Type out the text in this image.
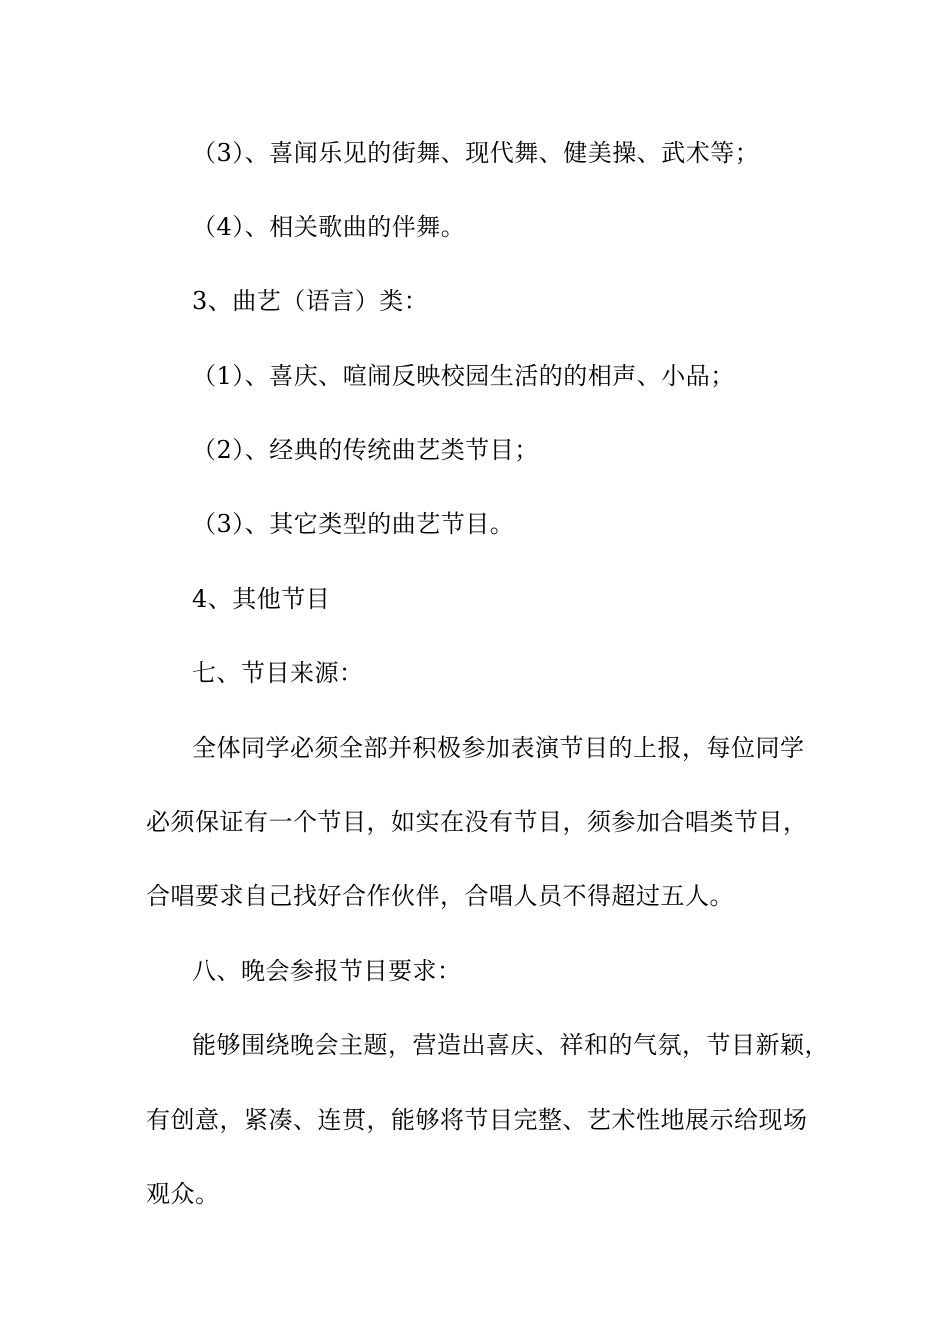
（3）、喜闻乐见的街舞、现代舞、健美操、武术等；
（4）、相关歌曲的伴舞。
3、曲艺（语言）类：
（1）、喜庆、喧闹反映校园生活的的相声、小品；
（2）、经典的传统曲艺类节目；
（3）、其它类型的曲艺节目。
4、其他节目
七、节目来源：
全体同学必须全部并积极参加表演节目的上报，每位同学
必须保证有一个节目，如实在没有节目，须参加合唱类节目，
合唱要求自己找好合作伙伴，合唱人员不得超过五人。
八、晚会参报节目要求：
能够围绕晚会主题，营造出喜庆、祥和的气氛，节目新颖，
有创意，紧凑、连贯，能够将节目完整、艺术性地展示给现场
观众。
